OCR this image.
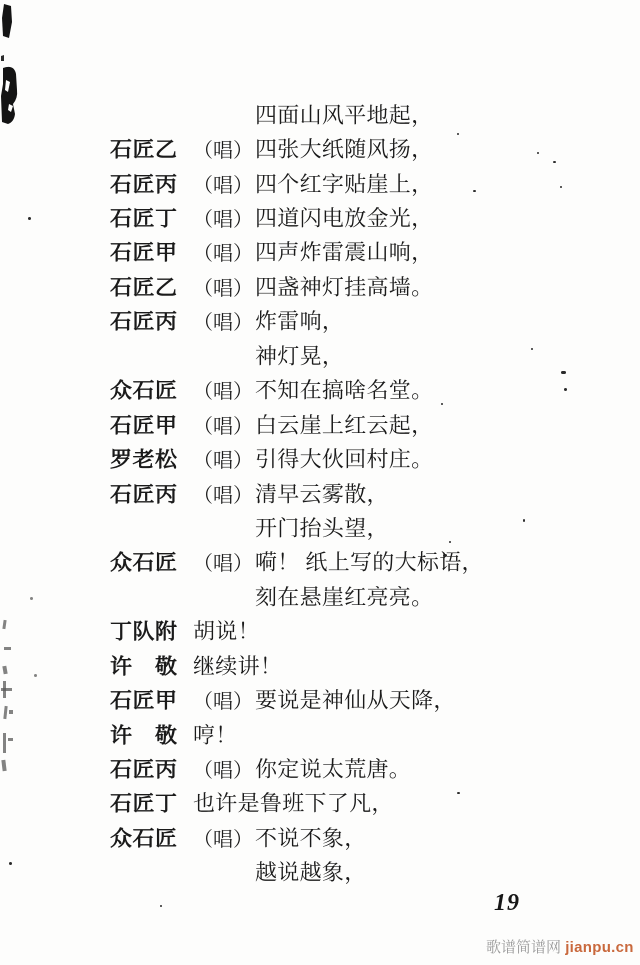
四面山风平地起，
石匠乙 （唱） 四张大纸随风扬，
石匠丙 （唱） 四个红字贴崖上，
石匠丁 （唱） 四道闪电放金光，
石匠甲 （唱） 四声炸雷震山响，
石匠乙 （唱） 四盏神灯挂高墙。
石匠丙 （唱） 炸雷响，
神灯晃，
众石匠 （唱） 不知在搞啥名堂。
石匠甲 （唱） 白云崖上红云起，
罗老松 （唱） 引得大伙回村庄。
石匠丙 （唱） 清早云雾散，
开门抬头望，
众石匠 （唱） 嗬！ 纸上写的大标语，
刻在悬崖红亮亮。
丁队附 胡说！
许　敬 继续讲！
石匠甲 （唱） 要说是神仙从天降，
许　敬 哼！
石匠丙 （唱） 你定说太荒唐。
石匠丁 也许是鲁班下了凡，
众石匠 （唱） 不说不象，
越说越象，
19
歌谱简谱网 jianpu.cn
